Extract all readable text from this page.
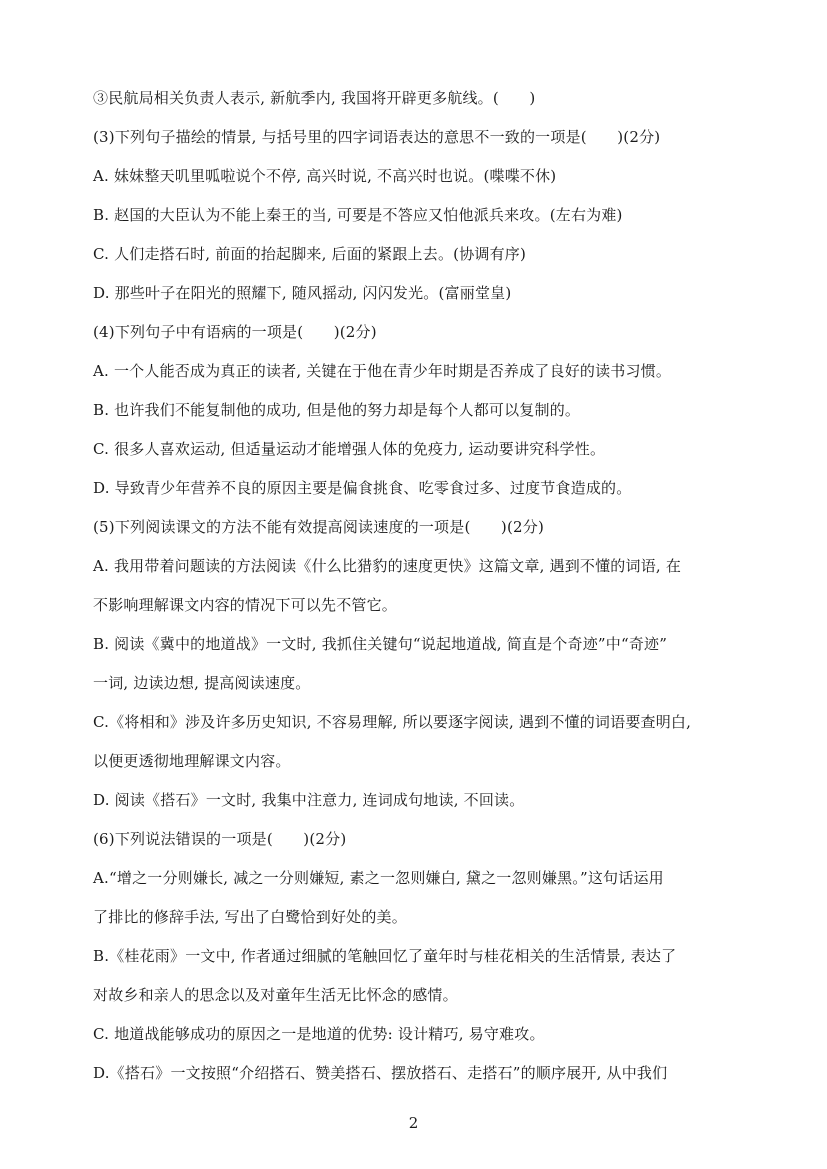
③民航局相关负责人表示, 新航季内, 我国将开辟更多航线。(　　)
(3)下列句子描绘的情景, 与括号里的四字词语表达的意思不一致的一项是(　　)(2分)
A. 妹妹整天叽里呱啦说个不停, 高兴时说, 不高兴时也说。(喋喋不休)
B. 赵国的大臣认为不能上秦王的当, 可要是不答应又怕他派兵来攻。(左右为难)
C. 人们走搭石时, 前面的抬起脚来, 后面的紧跟上去。(协调有序)
D. 那些叶子在阳光的照耀下, 随风摇动, 闪闪发光。(富丽堂皇)
(4)下列句子中有语病的一项是(　　)(2分)
A. 一个人能否成为真正的读者, 关键在于他在青少年时期是否养成了良好的读书习惯。
B. 也许我们不能复制他的成功, 但是他的努力却是每个人都可以复制的。
C. 很多人喜欢运动, 但适量运动才能增强人体的免疫力, 运动要讲究科学性。
D. 导致青少年营养不良的原因主要是偏食挑食、吃零食过多、过度节食造成的。
(5)下列阅读课文的方法不能有效提高阅读速度的一项是(　　)(2分)
A. 我用带着问题读的方法阅读《什么比猎豹的速度更快》这篇文章, 遇到不懂的词语, 在
不影响理解课文内容的情况下可以先不管它。
B. 阅读《冀中的地道战》一文时, 我抓住关键句“说起地道战, 简直是个奇迹”中“奇迹”
一词, 边读边想, 提高阅读速度。
C.《将相和》涉及许多历史知识, 不容易理解, 所以要逐字阅读, 遇到不懂的词语要查明白,
以便更透彻地理解课文内容。
D. 阅读《搭石》一文时, 我集中注意力, 连词成句地读, 不回读。
(6)下列说法错误的一项是(　　)(2分)
A.“增之一分则嫌长, 减之一分则嫌短, 素之一忽则嫌白, 黛之一忽则嫌黑。”这句话运用
了排比的修辞手法, 写出了白鹭恰到好处的美。
B.《桂花雨》一文中, 作者通过细腻的笔触回忆了童年时与桂花相关的生活情景, 表达了
对故乡和亲人的思念以及对童年生活无比怀念的感情。
C. 地道战能够成功的原因之一是地道的优势: 设计精巧, 易守难攻。
D.《搭石》一文按照“介绍搭石、赞美搭石、摆放搭石、走搭石”的顺序展开, 从中我们
2
